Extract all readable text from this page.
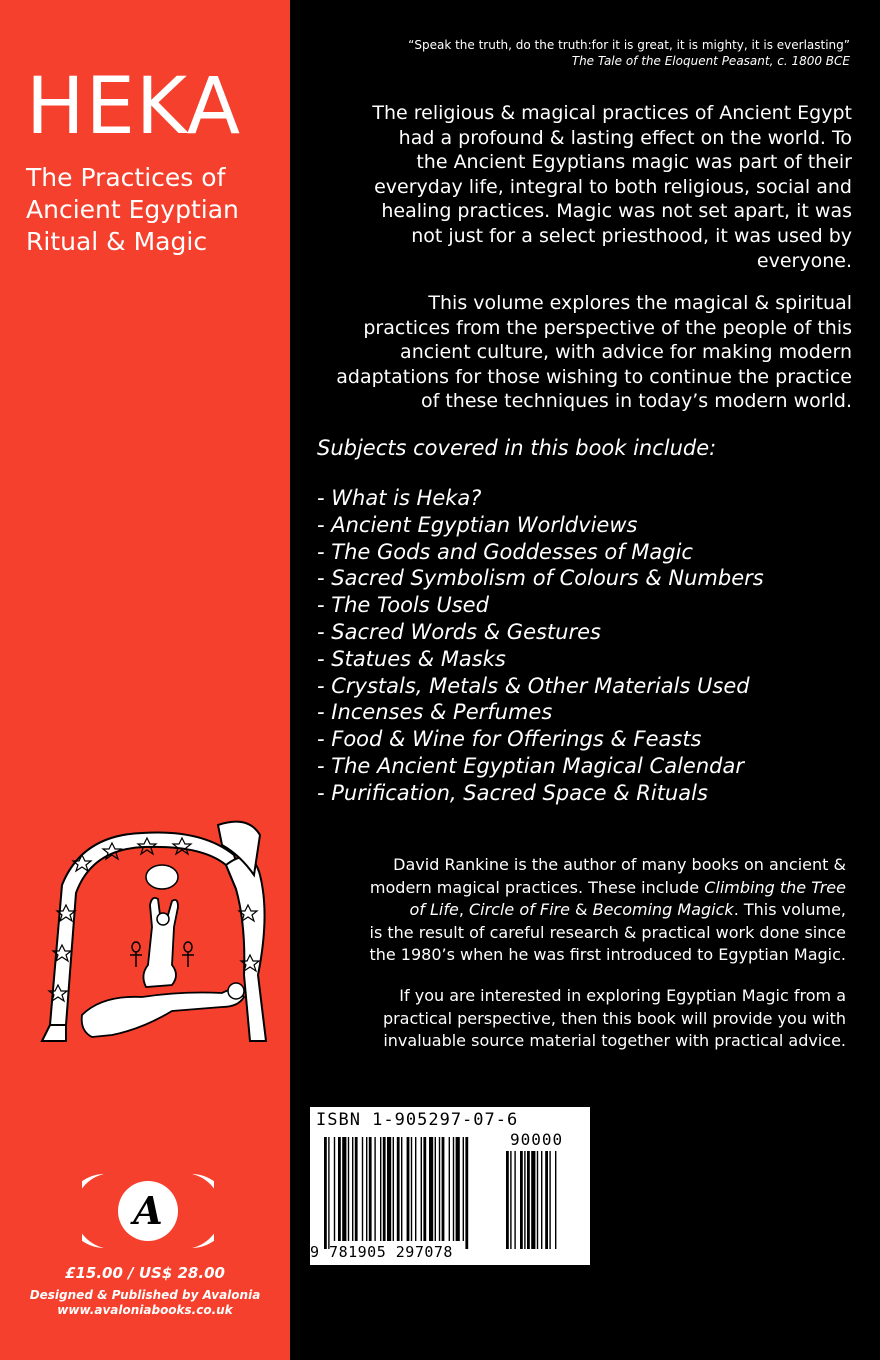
HEKA
The Practices of
Ancient Egyptian
Ritual & Magic
A
£15.00 / US$ 28.00
Designed & Published by Avalonia
www.avaloniabooks.co.uk
“Speak the truth, do the truth:for it is great, it is mighty, it is everlasting”
The Tale of the Eloquent Peasant, c. 1800 BCE
The religious & magical practices of Ancient Egypt
had a profound & lasting effect on the world. To
the Ancient Egyptians magic was part of their
everyday life, integral to both religious, social and
healing practices. Magic was not set apart, it was
not just for a select priesthood, it was used by
everyone.
This volume explores the magical & spiritual
practices from the perspective of the people of this
ancient culture, with advice for making modern
adaptations for those wishing to continue the practice
of these techniques in today’s modern world.
Subjects covered in this book include:
- What is Heka?
- Ancient Egyptian Worldviews
- The Gods and Goddesses of Magic
- Sacred Symbolism of Colours & Numbers
- The Tools Used
- Sacred Words & Gestures
- Statues & Masks
- Crystals, Metals & Other Materials Used
- Incenses & Perfumes
- Food & Wine for Offerings & Feasts
- The Ancient Egyptian Magical Calendar
- Purification, Sacred Space & Rituals
David Rankine is the author of many books on ancient &
modern magical practices. These include Climbing the Tree
of Life, Circle of Fire & Becoming Magick. This volume,
is the result of careful research & practical work done since
the 1980’s when he was first introduced to Egyptian Magic.
If you are interested in exploring Egyptian Magic from a
practical perspective, then this book will provide you with
invaluable source material together with practical advice.
ISBN 1-905297-07-6
90000
9 781905 297078
